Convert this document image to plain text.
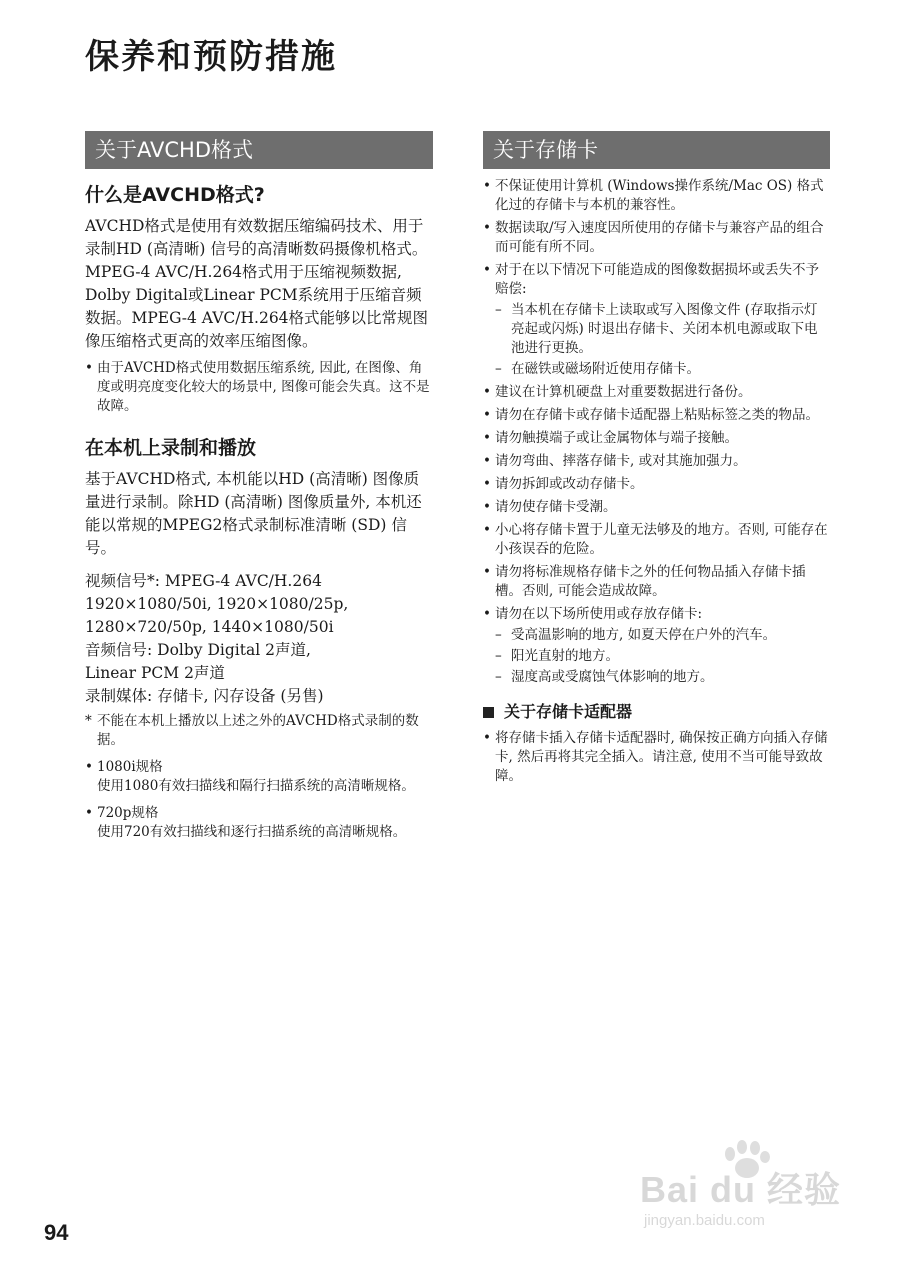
保养和预防措施
关于AVCHD格式
什么是AVCHD格式?

AVCHD格式是使用有效数据压缩编码技术、用于录制HD (高清晰) 信号的高清晰数码摄像机格式。MPEG-4 AVC/H.264格式用于压缩视频数据, Dolby Digital或Linear PCM系统用于压缩音频数据。MPEG-4 AVC/H.264格式能够以比常规图像压缩格式更高的效率压缩图像。

• 由于AVCHD格式使用数据压缩系统, 因此, 在图像、角度或明亮度变化较大的场景中, 图像可能会失真。这不是故障。
在本机上录制和播放

基于AVCHD格式, 本机能以HD (高清晰) 图像质量进行录制。除HD (高清晰) 图像质量外, 本机还能以常规的MPEG2格式录制标准清晰 (SD) 信号。

视频信号*: MPEG-4 AVC/H.264
1920×1080/50i, 1920×1080/25p,
1280×720/50p, 1440×1080/50i
音频信号: Dolby Digital 2声道,
Linear PCM 2声道
录制媒体: 存储卡, 闪存设备 (另售)
* 不能在本机上播放以上述之外的AVCHD格式录制的数据。
• 1080i规格
使用1080有效扫描线和隔行扫描系统的高清晰规格。
• 720p规格
使用720有效扫描线和逐行扫描系统的高清晰规格。
关于存储卡
• 不保证使用计算机 (Windows操作系统/Mac OS) 格式化过的存储卡与本机的兼容性。
• 数据读取/写入速度因所使用的存储卡与兼容产品的组合而可能有所不同。
• 对于在以下情况下可能造成的图像数据损坏或丢失不予赔偿:
– 当本机在存储卡上读取或写入图像文件 (存取指示灯亮起或闪烁) 时退出存储卡、关闭本机电源或取下电池进行更换。
– 在磁铁或磁场附近使用存储卡。
• 建议在计算机硬盘上对重要数据进行备份。
• 请勿在存储卡或存储卡适配器上粘贴标签之类的物品。
• 请勿触摸端子或让金属物体与端子接触。
• 请勿弯曲、摔落存储卡, 或对其施加强力。
• 请勿拆卸或改动存储卡。
• 请勿使存储卡受潮。
• 小心将存储卡置于儿童无法够及的地方。否则, 可能存在小孩误吞的危险。
• 请勿将标准规格存储卡之外的任何物品插入存储卡插槽。否则, 可能会造成故障。
• 请勿在以下场所使用或存放存储卡:
– 受高温影响的地方, 如夏天停在户外的汽车。
– 阳光直射的地方。
– 湿度高或受腐蚀气体影响的地方。
关于存储卡适配器
• 将存储卡插入存储卡适配器时, 确保按正确方向插入存储卡, 然后再将其完全插入。请注意, 使用不当可能导致故障。
94
Bai du 经验
jingyan.baidu.com
